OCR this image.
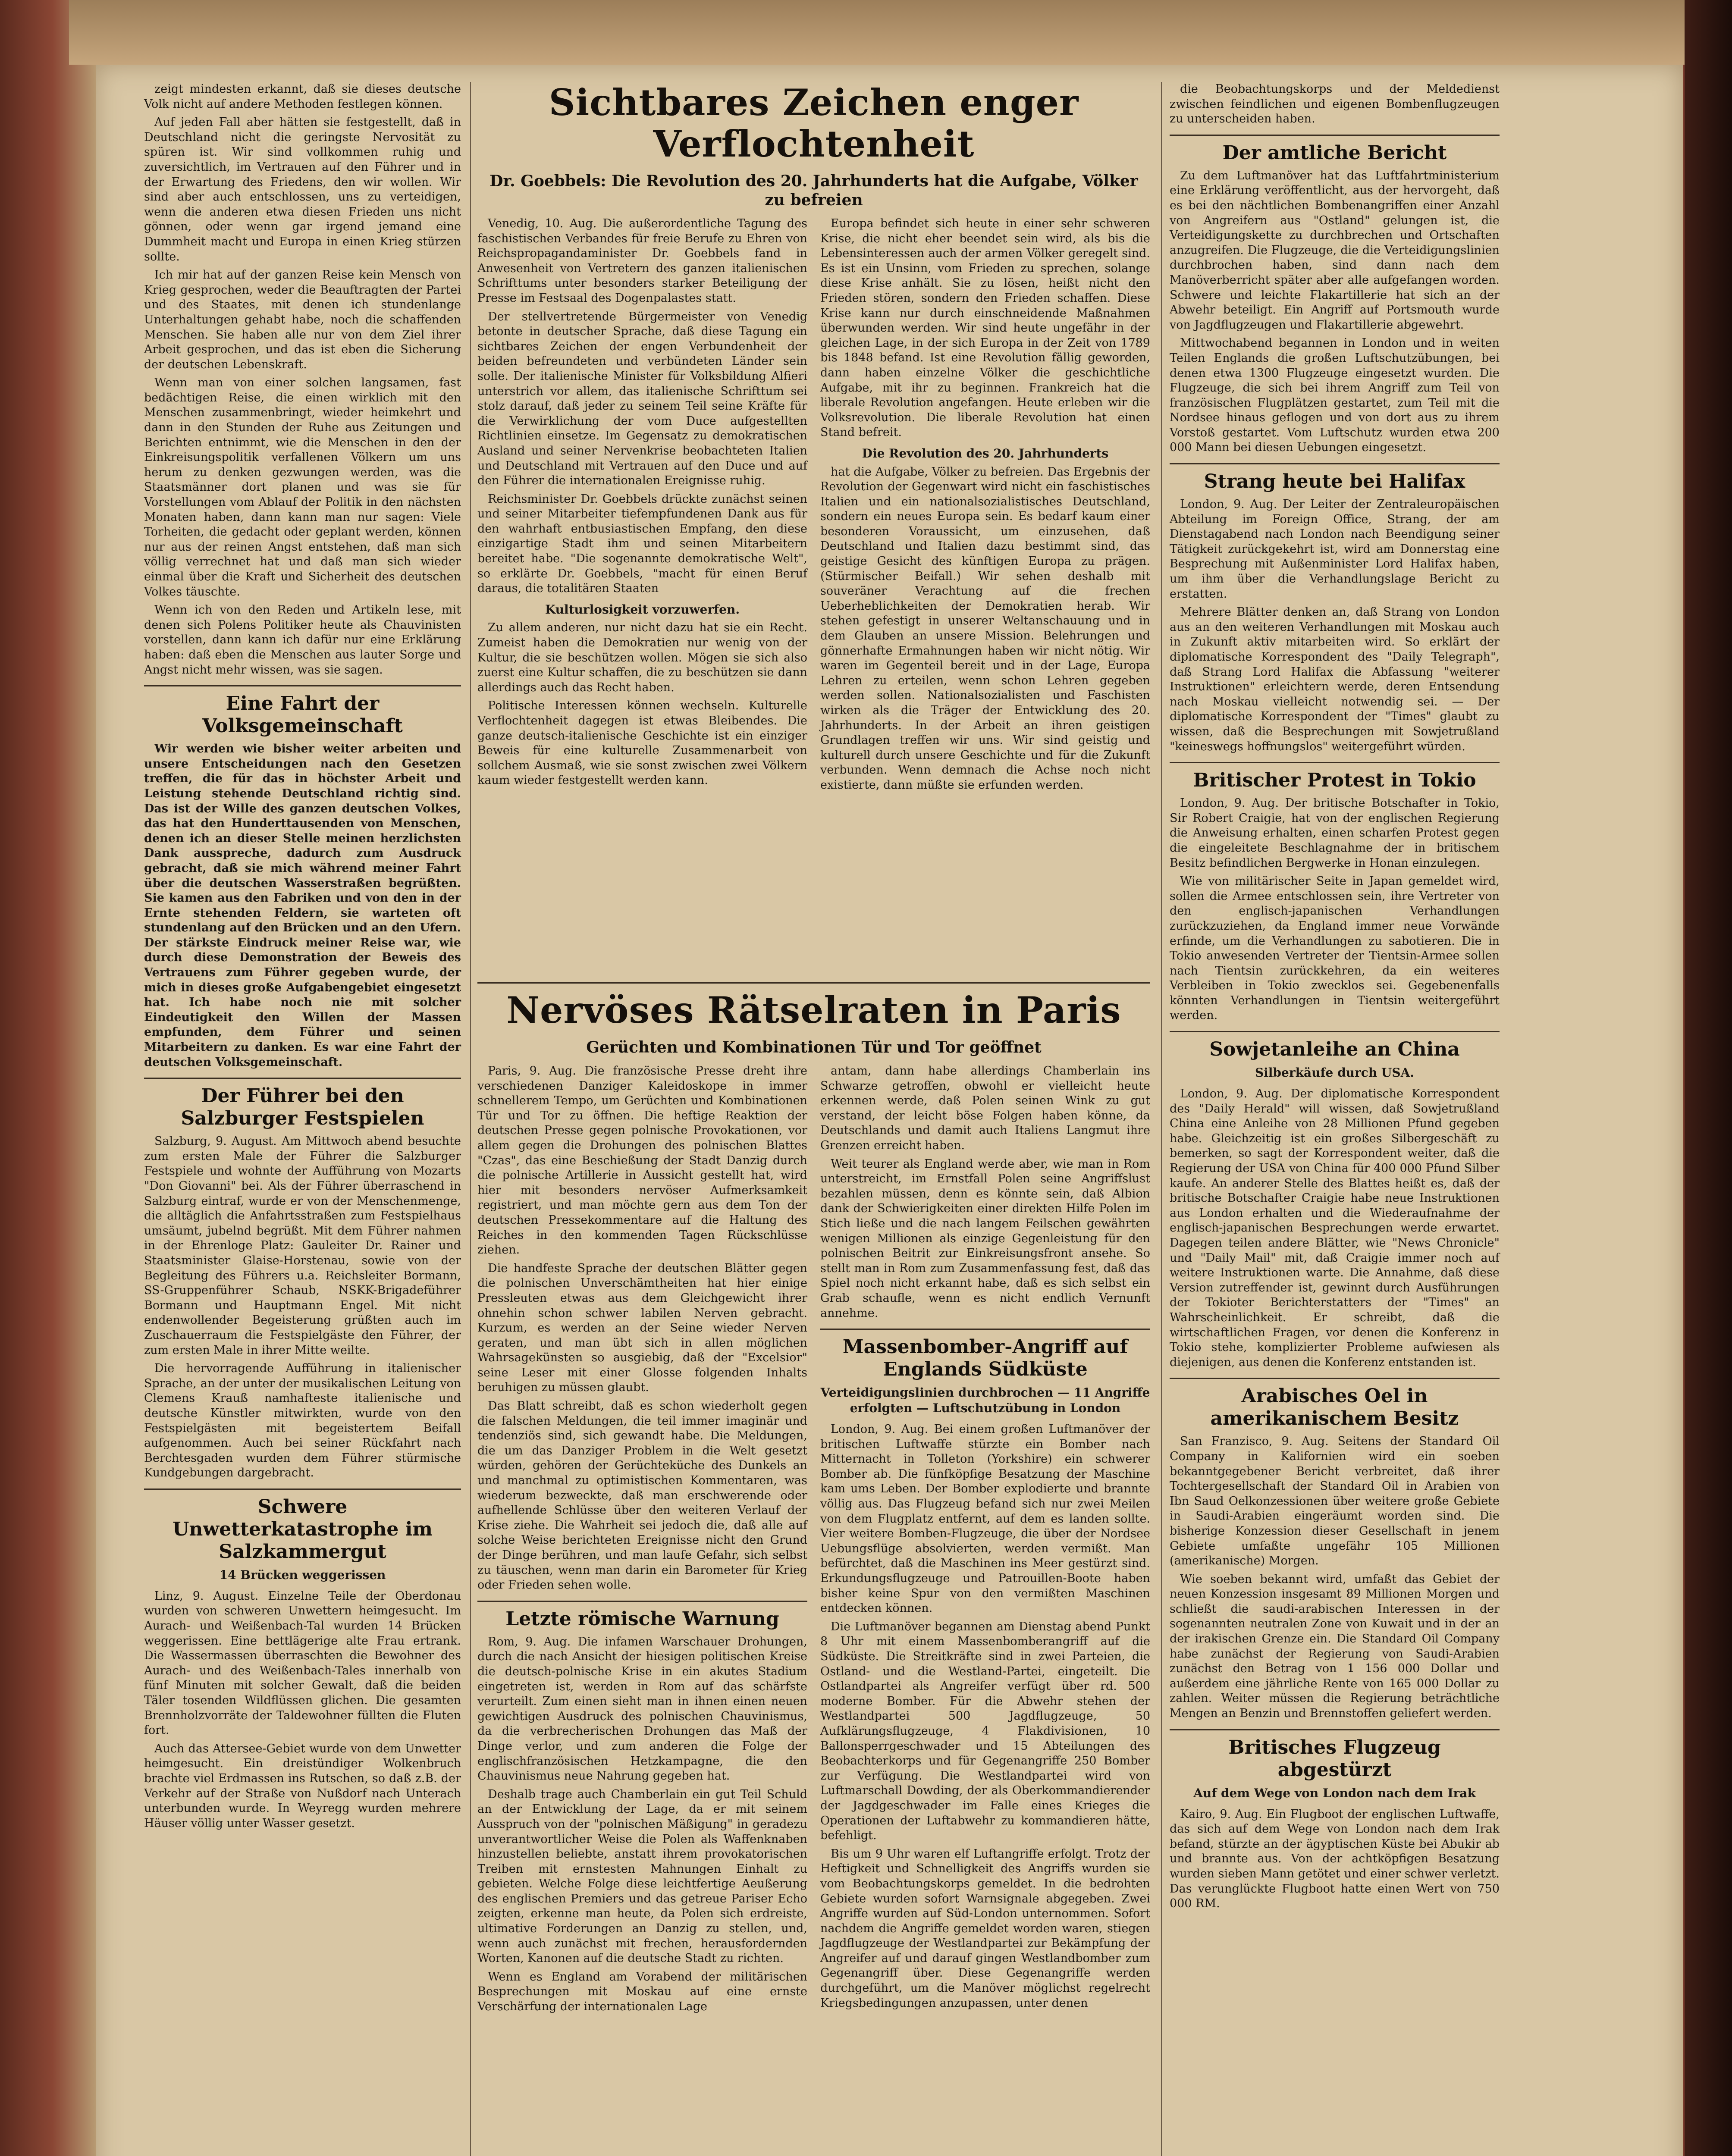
zeigt mindesten erkannt, daß sie dieses deutsche Volk nicht auf andere Methoden festlegen können.

Auf jeden Fall aber hätten sie festgestellt, daß in Deutschland nicht die geringste Nervosität zu spüren ist. Wir sind vollkommen ruhig und zuversichtlich, im Vertrauen auf den Führer und in der Erwartung des Friedens, den wir wollen. Wir sind aber auch entschlossen, uns zu verteidigen, wenn die anderen etwa diesen Frieden uns nicht gönnen, oder wenn gar irgend jemand eine Dummheit macht und Europa in einen Krieg stürzen sollte.

Ich mir hat auf der ganzen Reise kein Mensch von Krieg gesprochen, weder die Beauftragten der Partei und des Staates, mit denen ich stundenlange Unterhaltungen gehabt habe, noch die schaffenden Menschen. Sie haben alle nur von dem Ziel ihrer Arbeit gesprochen, und das ist eben die Sicherung der deutschen Lebenskraft.

Wenn man von einer solchen langsamen, fast bedächtigen Reise, die einen wirklich mit den Menschen zusammenbringt, wieder heimkehrt und dann in den Stunden der Ruhe aus Zeitungen und Berichten entnimmt, wie die Menschen in den der Einkreisungspolitik verfallenen Völkern um uns herum zu denken gezwungen werden, was die Staatsmänner dort planen und was sie für Vorstellungen vom Ablauf der Politik in den nächsten Monaten haben, dann kann man nur sagen: Viele Torheiten, die gedacht oder geplant werden, können nur aus der reinen Angst entstehen, daß man sich völlig verrechnet hat und daß man sich wieder einmal über die Kraft und Sicherheit des deutschen Volkes täuschte.

Wenn ich von den Reden und Artikeln lese, mit denen sich Polens Politiker heute als Chauvinisten vorstellen, dann kann ich dafür nur eine Erklärung haben: daß eben die Menschen aus lauter Sorge und Angst nicht mehr wissen, was sie sagen.

Eine Fahrt der Volksgemeinschaft

Wir werden wie bisher weiter arbeiten und unsere Entscheidungen nach den Gesetzen treffen, die für das in höchster Arbeit und Leistung stehende Deutschland richtig sind. Das ist der Wille des ganzen deutschen Volkes, das hat den Hunderttausenden von Menschen, denen ich an dieser Stelle meinen herzlichsten Dank ausspreche, dadurch zum Ausdruck gebracht, daß sie mich während meiner Fahrt über die deutschen Wasserstraßen begrüßten. Sie kamen aus den Fabriken und von den in der Ernte stehenden Feldern, sie warteten oft stundenlang auf den Brücken und an den Ufern. Der stärkste Eindruck meiner Reise war, wie durch diese Demonstration der Beweis des Vertrauens zum Führer gegeben wurde, der mich in dieses große Aufgabengebiet eingesetzt hat. Ich habe noch nie mit solcher Eindeutigkeit den Willen der Massen empfunden, dem Führer und seinen Mitarbeitern zu danken. Es war eine Fahrt der deutschen Volksgemeinschaft.

Der Führer bei den Salzburger Festspielen

Salzburg, 9. August. Am Mittwoch abend besuchte zum ersten Male der Führer die Salzburger Festspiele und wohnte der Aufführung von Mozarts "Don Giovanni" bei. Als der Führer überraschend in Salzburg eintraf, wurde er von der Menschenmenge, die alltäglich die Anfahrtsstraßen zum Festspielhaus umsäumt, jubelnd begrüßt. Mit dem Führer nahmen in der Ehrenloge Platz: Gauleiter Dr. Rainer und Staatsminister Glaise-Horstenau, sowie von der Begleitung des Führers u.a. Reichsleiter Bormann, SS-Gruppenführer Schaub, NSKK-Brigadeführer Bormann und Hauptmann Engel. Mit nicht endenwollender Begeisterung grüßten auch im Zuschauerraum die Festspielgäste den Führer, der zum ersten Male in ihrer Mitte weilte.

Die hervorragende Aufführung in italienischer Sprache, an der unter der musikalischen Leitung von Clemens Krauß namhafteste italienische und deutsche Künstler mitwirkten, wurde von den Festspielgästen mit begeistertem Beifall aufgenommen. Auch bei seiner Rückfahrt nach Berchtesgaden wurden dem Führer stürmische Kundgebungen dargebracht.

Schwere Unwetterkatastrophe im Salzkammergut
14 Brücken weggerissen

Linz, 9. August. Einzelne Teile der Oberdonau wurden von schweren Unwettern heimgesucht. Im Aurach- und Weißenbach-Tal wurden 14 Brücken weggerissen. Eine bettlägerige alte Frau ertrank. Die Wassermassen überraschten die Bewohner des Aurach- und des Weißenbach-Tales innerhalb von fünf Minuten mit solcher Gewalt, daß die beiden Täler tosenden Wildflüssen glichen. Die gesamten Brennholzvorräte der Taldewohner füllten die Fluten fort.

Auch das Attersee-Gebiet wurde von dem Unwetter heimgesucht. Ein dreistündiger Wolkenbruch brachte viel Erdmassen ins Rutschen, so daß z.B. der Verkehr auf der Straße von Nußdorf nach Unterach unterbunden wurde. In Weyregg wurden mehrere Häuser völlig unter Wasser gesetzt.

Sichtbares Zeichen enger Verflochtenheit
Dr. Goebbels: Die Revolution des 20. Jahrhunderts hat die Aufgabe, Völker zu befreien

Venedig, 10. Aug. Die außerordentliche Tagung des faschistischen Verbandes für freie Berufe zu Ehren von Reichspropagandaminister Dr. Goebbels fand in Anwesenheit von Vertretern des ganzen italienischen Schrifttums unter besonders starker Beteiligung der Presse im Festsaal des Dogenpalastes statt.

Der stellvertretende Bürgermeister von Venedig betonte in deutscher Sprache, daß diese Tagung ein sichtbares Zeichen der engen Verbundenheit der beiden befreundeten und verbündeten Länder sein solle. Der italienische Minister für Volksbildung Alfieri unterstrich vor allem, das italienische Schrifttum sei stolz darauf, daß jeder zu seinem Teil seine Kräfte für die Verwirklichung der vom Duce aufgestellten Richtlinien einsetze. Im Gegensatz zu demokratischen Ausland und seiner Nervenkrise beobachteten Italien und Deutschland mit Vertrauen auf den Duce und auf den Führer die internationalen Ereignisse ruhig.

Reichsminister Dr. Goebbels drückte zunächst seinen und seiner Mitarbeiter tiefempfundenen Dank aus für den wahrhaft entbusiastischen Empfang, den diese einzigartige Stadt ihm und seinen Mitarbeitern bereitet habe. "Die sogenannte demokratische Welt", so erklärte Dr. Goebbels, "macht für einen Beruf daraus, die totalitären Staaten

Kulturlosigkeit vorzuwerfen.

Zu allem anderen, nur nicht dazu hat sie ein Recht. Zumeist haben die Demokratien nur wenig von der Kultur, die sie beschützen wollen. Mögen sie sich also zuerst eine Kultur schaffen, die zu beschützen sie dann allerdings auch das Recht haben.

Politische Interessen können wechseln. Kulturelle Verflochtenheit dagegen ist etwas Bleibendes. Die ganze deutsch-italienische Geschichte ist ein einziger Beweis für eine kulturelle Zusammenarbeit von sollchem Ausmaß, wie sie sonst zwischen zwei Völkern kaum wieder festgestellt werden kann.

Europa befindet sich heute in einer sehr schweren Krise, die nicht eher beendet sein wird, als bis die Lebensinteressen auch der armen Völker geregelt sind. Es ist ein Unsinn, vom Frieden zu sprechen, solange diese Krise anhält. Sie zu lösen, heißt nicht den Frieden stören, sondern den Frieden schaffen. Diese Krise kann nur durch einschneidende Maßnahmen überwunden werden. Wir sind heute ungefähr in der gleichen Lage, in der sich Europa in der Zeit von 1789 bis 1848 befand. Ist eine Revolution fällig geworden, dann haben einzelne Völker die geschichtliche Aufgabe, mit ihr zu beginnen. Frankreich hat die liberale Revolution angefangen. Heute erleben wir die Volksrevolution. Die liberale Revolution hat einen Stand befreit.

Die Revolution des 20. Jahrhunderts

hat die Aufgabe, Völker zu befreien. Das Ergebnis der Revolution der Gegenwart wird nicht ein faschistisches Italien und ein nationalsozialistisches Deutschland, sondern ein neues Europa sein. Es bedarf kaum einer besonderen Voraussicht, um einzusehen, daß Deutschland und Italien dazu bestimmt sind, das geistige Gesicht des künftigen Europa zu prägen. (Stürmischer Beifall.) Wir sehen deshalb mit souveräner Verachtung auf die frechen Ueberheblichkeiten der Demokratien herab. Wir stehen gefestigt in unserer Weltanschauung und in dem Glauben an unsere Mission. Belehrungen und gönnerhafte Ermahnungen haben wir nicht nötig. Wir waren im Gegenteil bereit und in der Lage, Europa Lehren zu erteilen, wenn schon Lehren gegeben werden sollen. Nationalsozialisten und Faschisten wirken als die Träger der Entwicklung des 20. Jahrhunderts. In der Arbeit an ihren geistigen Grundlagen treffen wir uns. Wir sind geistig und kulturell durch unsere Geschichte und für die Zukunft verbunden. Wenn demnach die Achse noch nicht existierte, dann müßte sie erfunden werden.

Nervöses Rätselraten in Paris
Gerüchten und Kombinationen Tür und Tor geöffnet

Paris, 9. Aug. Die französische Presse dreht ihre verschiedenen Danziger Kaleidoskope in immer schnellerem Tempo, um Gerüchten und Kombinationen Tür und Tor zu öffnen. Die heftige Reaktion der deutschen Presse gegen polnische Provokationen, vor allem gegen die Drohungen des polnischen Blattes "Czas", das eine Beschießung der Stadt Danzig durch die polnische Artillerie in Aussicht gestellt hat, wird hier mit besonders nervöser Aufmerksamkeit registriert, und man möchte gern aus dem Ton der deutschen Pressekommentare auf die Haltung des Reiches in den kommenden Tagen Rückschlüsse ziehen.

Die handfeste Sprache der deutschen Blätter gegen die polnischen Unverschämtheiten hat hier einige Pressleuten etwas aus dem Gleichgewicht ihrer ohnehin schon schwer labilen Nerven gebracht. Kurzum, es werden an der Seine wieder Nerven geraten, und man übt sich in allen möglichen Wahrsagekünsten so ausgiebig, daß der "Excelsior" seine Leser mit einer Glosse folgenden Inhalts beruhigen zu müssen glaubt.

Das Blatt schreibt, daß es schon wiederholt gegen die falschen Meldungen, die teil immer imaginär und tendenziös sind, sich gewandt habe. Die Meldungen, die um das Danziger Problem in die Welt gesetzt würden, gehören der Gerüchteküche des Dunkels an und manchmal zu optimistischen Kommentaren, was wiederum bezweckte, daß man erschwerende oder aufhellende Schlüsse über den weiteren Verlauf der Krise ziehe. Die Wahrheit sei jedoch die, daß alle auf solche Weise berichteten Ereignisse nicht den Grund der Dinge berühren, und man laufe Gefahr, sich selbst zu täuschen, wenn man darin ein Barometer für Krieg oder Frieden sehen wolle.

Letzte römische Warnung

Rom, 9. Aug. Die infamen Warschauer Drohungen, durch die nach Ansicht der hiesigen politischen Kreise die deutsch-polnische Krise in ein akutes Stadium eingetreten ist, werden in Rom auf das schärfste verurteilt. Zum einen sieht man in ihnen einen neuen gewichtigen Ausdruck des polnischen Chauvinismus, da die verbrecherischen Drohungen das Maß der Dinge verlor, und zum anderen die Folge der englischfranzösischen Hetzkampagne, die den Chauvinismus neue Nahrung gegeben hat.

Deshalb trage auch Chamberlain ein gut Teil Schuld an der Entwicklung der Lage, da er mit seinem Ausspruch von der "polnischen Mäßigung" in geradezu unverantwortlicher Weise die Polen als Waffenknaben hinzustellen beliebte, anstatt ihrem provokatorischen Treiben mit ernstesten Mahnungen Einhalt zu gebieten. Welche Folge diese leichtfertige Aeußerung des englischen Premiers und das getreue Pariser Echo zeigten, erkenne man heute, da Polen sich erdreiste, ultimative Forderungen an Danzig zu stellen, und, wenn auch zunächst mit frechen, herausfordernden Worten, Kanonen auf die deutsche Stadt zu richten.

Wenn es England am Vorabend der militärischen Besprechungen mit Moskau auf eine ernste Verschärfung der internationalen Lage

antam, dann habe allerdings Chamberlain ins Schwarze getroffen, obwohl er vielleicht heute erkennen werde, daß Polen seinen Wink zu gut verstand, der leicht böse Folgen haben könne, da Deutschlands und damit auch Italiens Langmut ihre Grenzen erreicht haben.

Weit teurer als England werde aber, wie man in Rom unterstreicht, im Ernstfall Polen seine Angriffslust bezahlen müssen, denn es könnte sein, daß Albion dank der Schwierigkeiten einer direkten Hilfe Polen im Stich ließe und die nach langem Feilschen gewährten wenigen Millionen als einzige Gegenleistung für den polnischen Beitrit zur Einkreisungsfront ansehe. So stellt man in Rom zum Zusammenfassung fest, daß das Spiel noch nicht erkannt habe, daß es sich selbst ein Grab schaufle, wenn es nicht endlich Vernunft annehme.

Massenbomber-Angriff auf Englands Südküste
Verteidigungslinien durchbrochen — 11 Angriffe erfolgten — Luftschutzübung in London

London, 9. Aug. Bei einem großen Luftmanöver der britischen Luftwaffe stürzte ein Bomber nach Mitternacht in Tolleton (Yorkshire) ein schwerer Bomber ab. Die fünfköpfige Besatzung der Maschine kam ums Leben. Der Bomber explodierte und brannte völlig aus. Das Flugzeug befand sich nur zwei Meilen von dem Flugplatz entfernt, auf dem es landen sollte. Vier weitere Bomben-Flugzeuge, die über der Nordsee Uebungsflüge absolvierten, werden vermißt. Man befürchtet, daß die Maschinen ins Meer gestürzt sind. Erkundungsflugzeuge und Patrouillen-Boote haben bisher keine Spur von den vermißten Maschinen entdecken können.

Die Luftmanöver begannen am Dienstag abend Punkt 8 Uhr mit einem Massenbomberangriff auf die Südküste. Die Streitkräfte sind in zwei Parteien, die Ostland- und die Westland-Partei, eingeteilt. Die Ostlandpartei als Angreifer verfügt über rd. 500 moderne Bomber. Für die Abwehr stehen der Westlandpartei 500 Jagdflugzeuge, 50 Aufklärungsflugzeuge, 4 Flakdivisionen, 10 Ballonsperrgeschwader und 15 Abteilungen des Beobachterkorps und für Gegenangriffe 250 Bomber zur Verfügung. Die Westlandpartei wird von Luftmarschall Dowding, der als Oberkommandierender der Jagdgeschwader im Falle eines Krieges die Operationen der Luftabwehr zu kommandieren hätte, befehligt.

Bis um 9 Uhr waren elf Luftangriffe erfolgt. Trotz der Heftigkeit und Schnelligkeit des Angriffs wurden sie vom Beobachtungskorps gemeldet. In die bedrohten Gebiete wurden sofort Warnsignale abgegeben. Zwei Angriffe wurden auf Süd-London unternommen. Sofort nachdem die Angriffe gemeldet worden waren, stiegen Jagdflugzeuge der Westlandpartei zur Bekämpfung der Angreifer auf und darauf gingen Westlandbomber zum Gegenangriff über. Diese Gegenangriffe werden durchgeführt, um die Manöver möglichst regelrecht Kriegsbedingungen anzupassen, unter denen

die Beobachtungskorps und der Meldedienst zwischen feindlichen und eigenen Bombenflugzeugen zu unterscheiden haben.

Der amtliche Bericht

Zu dem Luftmanöver hat das Luftfahrtministerium eine Erklärung veröffentlicht, aus der hervorgeht, daß es bei den nächtlichen Bombenangriffen einer Anzahl von Angreifern aus "Ostland" gelungen ist, die Verteidigungskette zu durchbrechen und Ortschaften anzugreifen. Die Flugzeuge, die die Verteidigungslinien durchbrochen haben, sind dann nach dem Manöverberricht später aber alle aufgefangen worden. Schwere und leichte Flakartillerie hat sich an der Abwehr beteiligt. Ein Angriff auf Portsmouth wurde von Jagdflugzeugen und Flakartillerie abgewehrt.

Mittwochabend begannen in London und in weiten Teilen Englands die großen Luftschutzübungen, bei denen etwa 1300 Flugzeuge eingesetzt wurden. Die Flugzeuge, die sich bei ihrem Angriff zum Teil von französischen Flugplätzen gestartet, zum Teil mit die Nordsee hinaus geflogen und von dort aus zu ihrem Vorstoß gestartet. Vom Luftschutz wurden etwa 200 000 Mann bei diesen Uebungen eingesetzt.

Strang heute bei Halifax

London, 9. Aug. Der Leiter der Zentraleuropäischen Abteilung im Foreign Office, Strang, der am Dienstagabend nach London nach Beendigung seiner Tätigkeit zurückgekehrt ist, wird am Donnerstag eine Besprechung mit Außenminister Lord Halifax haben, um ihm über die Verhandlungslage Bericht zu erstatten.

Mehrere Blätter denken an, daß Strang von London aus an den weiteren Verhandlungen mit Moskau auch in Zukunft aktiv mitarbeiten wird. So erklärt der diplomatische Korrespondent des "Daily Telegraph", daß Strang Lord Halifax die Abfassung "weiterer Instruktionen" erleichtern werde, deren Entsendung nach Moskau vielleicht notwendig sei. — Der diplomatische Korrespondent der "Times" glaubt zu wissen, daß die Besprechungen mit Sowjetrußland "keineswegs hoffnungslos" weitergeführt würden.

Britischer Protest in Tokio

London, 9. Aug. Der britische Botschafter in Tokio, Sir Robert Craigie, hat von der englischen Regierung die Anweisung erhalten, einen scharfen Protest gegen die eingeleitete Beschlagnahme der in britischem Besitz befindlichen Bergwerke in Honan einzulegen.

Wie von militärischer Seite in Japan gemeldet wird, sollen die Armee entschlossen sein, ihre Vertreter von den englisch-japanischen Verhandlungen zurückzuziehen, da England immer neue Vorwände erfinde, um die Verhandlungen zu sabotieren. Die in Tokio anwesenden Vertreter der Tientsin-Armee sollen nach Tientsin zurückkehren, da ein weiteres Verbleiben in Tokio zwecklos sei. Gegebenenfalls könnten Verhandlungen in Tientsin weitergeführt werden.

Sowjetanleihe an China
Silberkäufe durch USA.

London, 9. Aug. Der diplomatische Korrespondent des "Daily Herald" will wissen, daß Sowjetrußland China eine Anleihe von 28 Millionen Pfund gegeben habe. Gleichzeitig ist ein großes Silbergeschäft zu bemerken, so sagt der Korrespondent weiter, daß die Regierung der USA von China für 400 000 Pfund Silber kaufe. An anderer Stelle des Blattes heißt es, daß der britische Botschafter Craigie habe neue Instruktionen aus London erhalten und die Wiederaufnahme der englisch-japanischen Besprechungen werde erwartet. Dagegen teilen andere Blätter, wie "News Chronicle" und "Daily Mail" mit, daß Craigie immer noch auf weitere Instruktionen warte. Die Annahme, daß diese Version zutreffender ist, gewinnt durch Ausführungen der Tokioter Berichterstatters der "Times" an Wahrscheinlichkeit. Er schreibt, daß die wirtschaftlichen Fragen, vor denen die Konferenz in Tokio stehe, komplizierter Probleme aufwiesen als diejenigen, aus denen die Konferenz entstanden ist.

Arabisches Oel in amerikanischem Besitz

San Franzisco, 9. Aug. Seitens der Standard Oil Company in Kalifornien wird ein soeben bekanntgegebener Bericht verbreitet, daß ihrer Tochtergesellschaft der Standard Oil in Arabien von Ibn Saud Oelkonzessionen über weitere große Gebiete in Saudi-Arabien eingeräumt worden sind. Die bisherige Konzession dieser Gesellschaft in jenem Gebiete umfaßte ungefähr 105 Millionen (amerikanische) Morgen.

Wie soeben bekannt wird, umfaßt das Gebiet der neuen Konzession insgesamt 89 Millionen Morgen und schließt die saudi-arabischen Interessen in der sogenannten neutralen Zone von Kuwait und in der an der irakischen Grenze ein. Die Standard Oil Company habe zunächst der Regierung von Saudi-Arabien zunächst den Betrag von 1 156 000 Dollar und außerdem eine jährliche Rente von 165 000 Dollar zu zahlen. Weiter müssen die Regierung beträchtliche Mengen an Benzin und Brennstoffen geliefert werden.

Britisches Flugzeug abgestürzt
Auf dem Wege von London nach dem Irak

Kairo, 9. Aug. Ein Flugboot der englischen Luftwaffe, das sich auf dem Wege von London nach dem Irak befand, stürzte an der ägyptischen Küste bei Abukir ab und brannte aus. Von der achtköpfigen Besatzung wurden sieben Mann getötet und einer schwer verletzt. Das verunglückte Flugboot hatte einen Wert von 750 000 RM.
